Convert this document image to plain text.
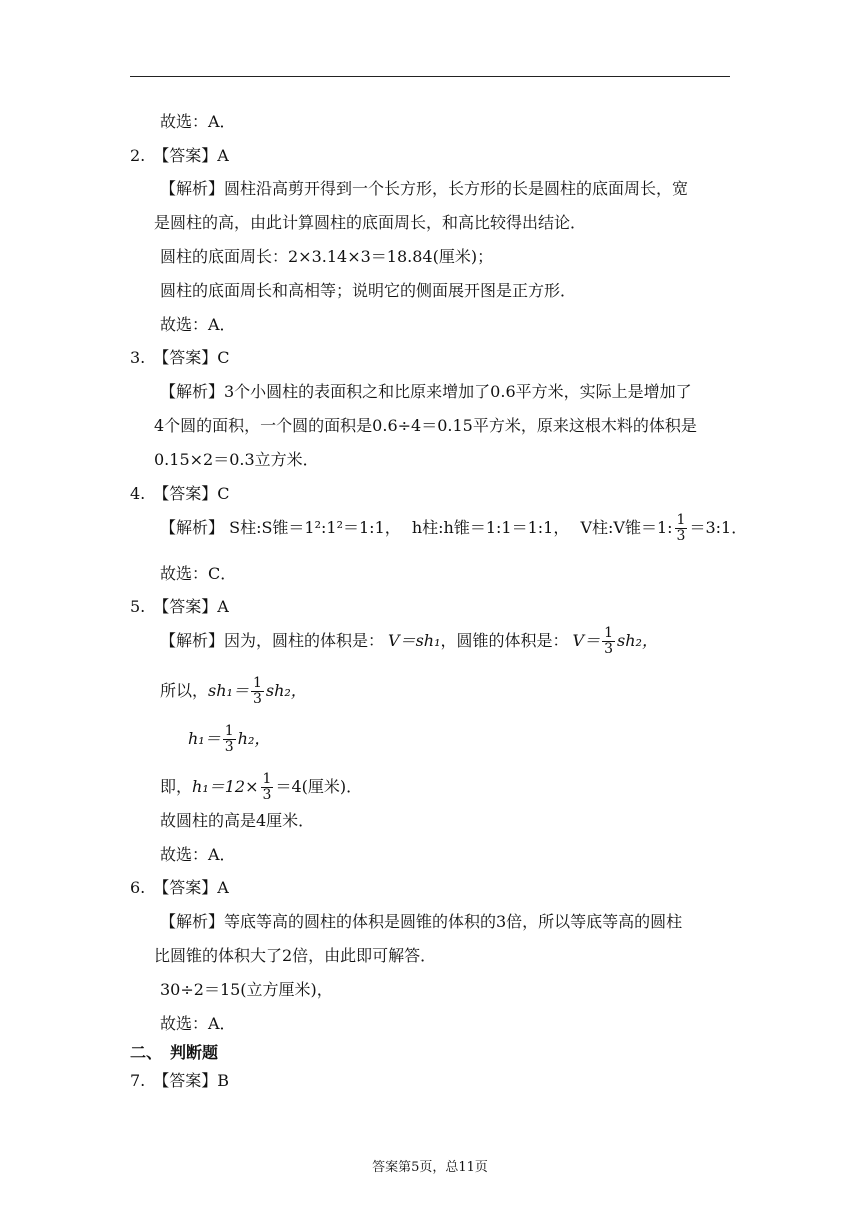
故选：A．
2.　【答案】A
【解析】圆柱沿高剪开得到一个长方形，长方形的长是圆柱的底面周长，宽
是圆柱的高，由此计算圆柱的底面周长，和高比较得出结论．
圆柱的底面周长：2×3.14×3＝18.84(厘米)；
圆柱的底面周长和高相等；说明它的侧面展开图是正方形．
故选：A．
3.　【答案】C
【解析】3个小圆柱的表面积之和比原来增加了0.6平方米，实际上是增加了
4个圆的面积，一个圆的面积是0.6÷4＝0.15平方米，原来这根木料的体积是
0.15×2＝0.3立方米．
4.　【答案】C
【解析】 S柱:S锥＝1²:1²＝1:1， h柱:h锥＝1:1＝1:1， V柱:V锥＝1: $\frac{1}{3}$ ＝3:1．
故选：C．
5.　【答案】A
【解析】因为，圆柱的体积是： V＝sh₁，圆锥的体积是： $V= \frac{1}{3} sh_2$，
所以，$sh_1= \frac{1}{3} sh_2$，
$h_1= \frac{1}{3} h_2$，
即，$h_1=12\times \frac{1}{3} =4$(厘米)．
故圆柱的高是4厘米．
故选：A．
6.　【答案】A
【解析】等底等高的圆柱的体积是圆锥的体积的3倍，所以等底等高的圆柱
比圆锥的体积大了2倍，由此即可解答．
30÷2＝15(立方厘米)，
故选：A．
二、　判断题
7.　【答案】B
答案第5页，总11页
